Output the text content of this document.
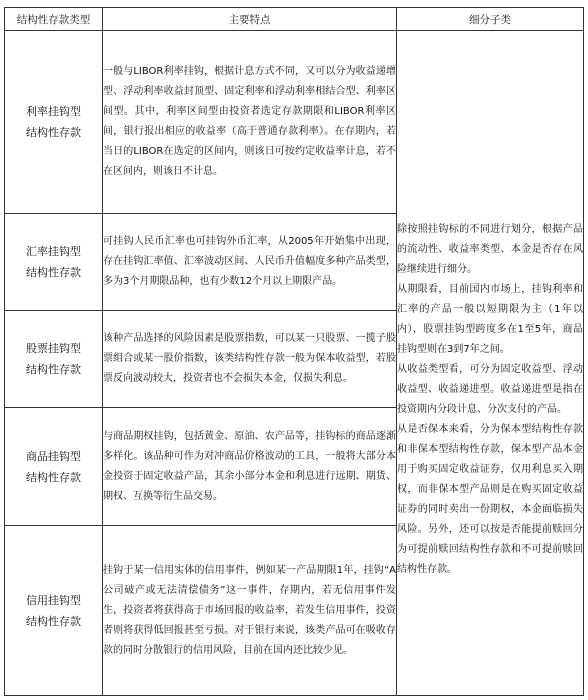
结构性存款类型	主要特点	细分子类

利率挂钩型
结构性存款	一般与LIBOR利率挂钩，根据计息方式不同，又可以分为收益递增型、浮动利率收益封顶型、固定利率和浮动利率相结合型、利率区间型。其中，利率区间型由投资者选定存款期限和LIBOR利率区间，银行报出相应的收益率（高于普通存款利率）。在存期内，若当日的LIBOR在选定的区间内，则该日可按约定收益率计息，若不在区间内，则该日不计息。	除按照挂钩标的不同进行划分，根据产品的流动性、收益率类型、本金是否存在风险继续进行细分。
从期限看，目前国内市场上，挂钩利率和汇率的产品一般以短期限为主（1年以内），股票挂钩型跨度多在1至5年，商品挂钩型则在3到7年之间。
从收益类型看，可分为固定收益型、浮动收益型、收益递进型。收益递进型是指在投资期内分段计息、分次支付的产品。
从是否保本来看，分为保本型结构性存款和非保本型结构性存款，保本型产品本金用于购买固定收益证券，仅用利息买入期权，而非保本型产品则是在购买固定收益证券的同时卖出一份期权，本金面临损失风险。另外，还可以按是否能提前赎回分为可提前赎回结构性存款和不可提前赎回结构性存款。

汇率挂钩型
结构性存款	可挂钩人民币汇率也可挂钩外币汇率，从2005年开始集中出现，存在挂钩汇率值、汇率波动区间、人民币升值幅度多种产品类型，多为3个月期限品种，也有少数12个月以上期限产品。	

股票挂钩型
结构性存款	该种产品选择的风险因素是股票指数，可以某一只股票、一揽子股票组合或某一股价指数，该类结构性存款一般为保本收益型，若股票反向波动较大，投资者也不会损失本金，仅损失利息。	

商品挂钩型
结构性存款	与商品期权挂钩，包括黄金、原油、农产品等，挂钩标的商品逐渐多样化。该品种可作为对冲商品价格波动的工具，一般将大部分本金投资于固定收益产品，其余小部分本金和利息进行远期、期货、期权、互换等衍生品交易。	

信用挂钩型
结构性存款	挂钩于某一信用实体的信用事件，例如某一产品期限1年，挂钩“A公司破产或无法清偿债务”这一事件，存期内，若无信用事件发生，投资者将获得高于市场回报的收益率，若发生信用事件，投资者则将获得低回报甚至亏损。对于银行来说，该类产品可在吸收存款的同时分散银行的信用风险，目前在国内还比较少见。	
